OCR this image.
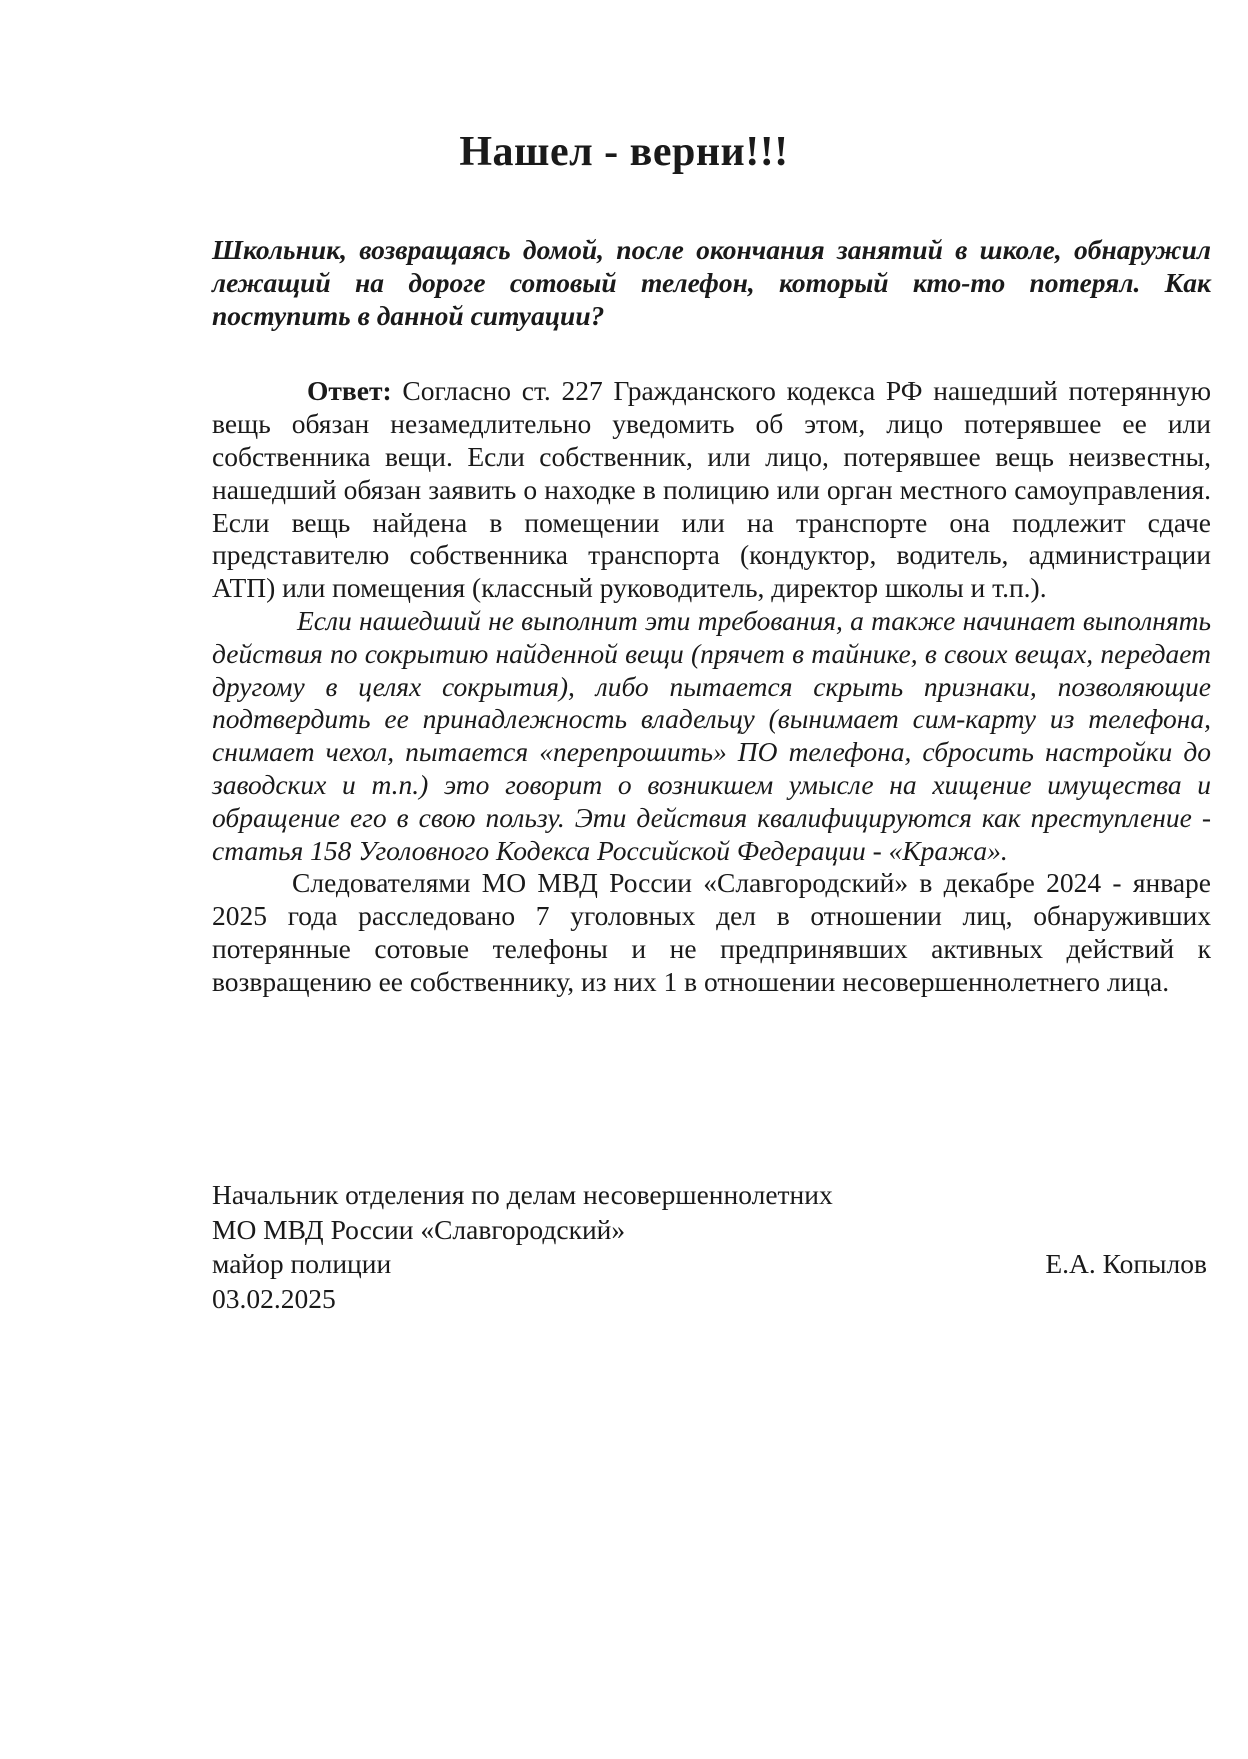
Нашел - верни!!!

Школьник, возвращаясь домой, после окончания занятий в школе, обнаружил лежащий на дороге сотовый телефон, который кто-то потерял. Как поступить в данной ситуации?

Ответ: Согласно ст. 227 Гражданского кодекса РФ нашедший потерянную вещь обязан незамедлительно уведомить об этом, лицо потерявшее ее или собственника вещи. Если собственник, или лицо, потерявшее вещь неизвестны, нашедший обязан заявить о находке в полицию или орган местного самоуправления. Если вещь найдена в помещении или на транспорте она подлежит сдаче представителю собственника транспорта (кондуктор, водитель, администрации АТП) или помещения (классный руководитель, директор школы и т.п.).

Если нашедший не выполнит эти требования, а также начинает выполнять действия по сокрытию найденной вещи (прячет в тайнике, в своих вещах, передает другому в целях сокрытия), либо пытается скрыть признаки, позволяющие подтвердить ее принадлежность владельцу (вынимает сим-карту из телефона, снимает чехол, пытается «перепрошить» ПО телефона, сбросить настройки до заводских и т.п.) это говорит о возникшем умысле на хищение имущества и обращение его в свою пользу. Эти действия квалифицируются как преступление - статья 158 Уголовного Кодекса Российской Федерации - «Кража».

Следователями МО МВД России «Славгородский» в декабре 2024 - январе 2025 года расследовано 7 уголовных дел в отношении лиц, обнаруживших потерянные сотовые телефоны и не предпринявших активных действий к возвращению ее собственнику, из них 1 в отношении несовершеннолетнего лица.

Начальник отделения по делам несовершеннолетних
МО МВД России «Славгородский»
майор полиции
03.02.2025
Е.А. Копылов
